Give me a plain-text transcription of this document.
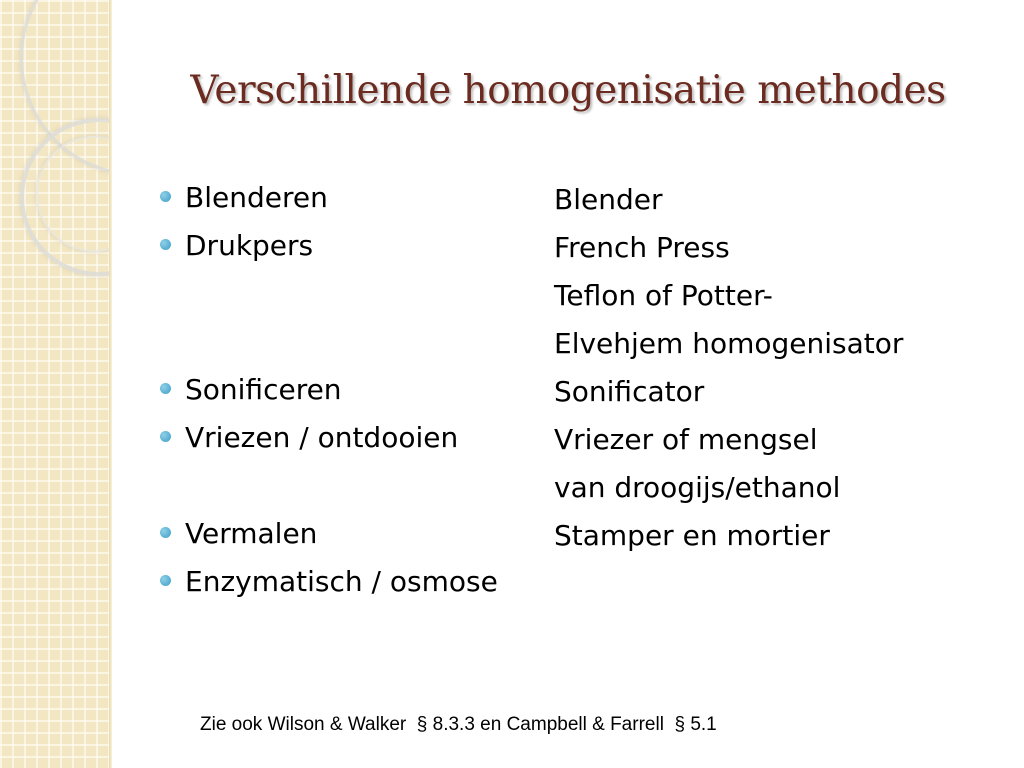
Verschillende homogenisatie methodes
Blenderen	Blender
Drukpers	French Press
Teflon of Potter-
Elvehjem homogenisator
Sonificeren	Sonificator
Vriezen / ontdooien	Vriezer of mengsel
van droogijs/ethanol
Vermalen	Stamper en mortier
Enzymatisch / osmose

Zie ook Wilson & Walker  § 8.3.3 en Campbell & Farrell  § 5.1
